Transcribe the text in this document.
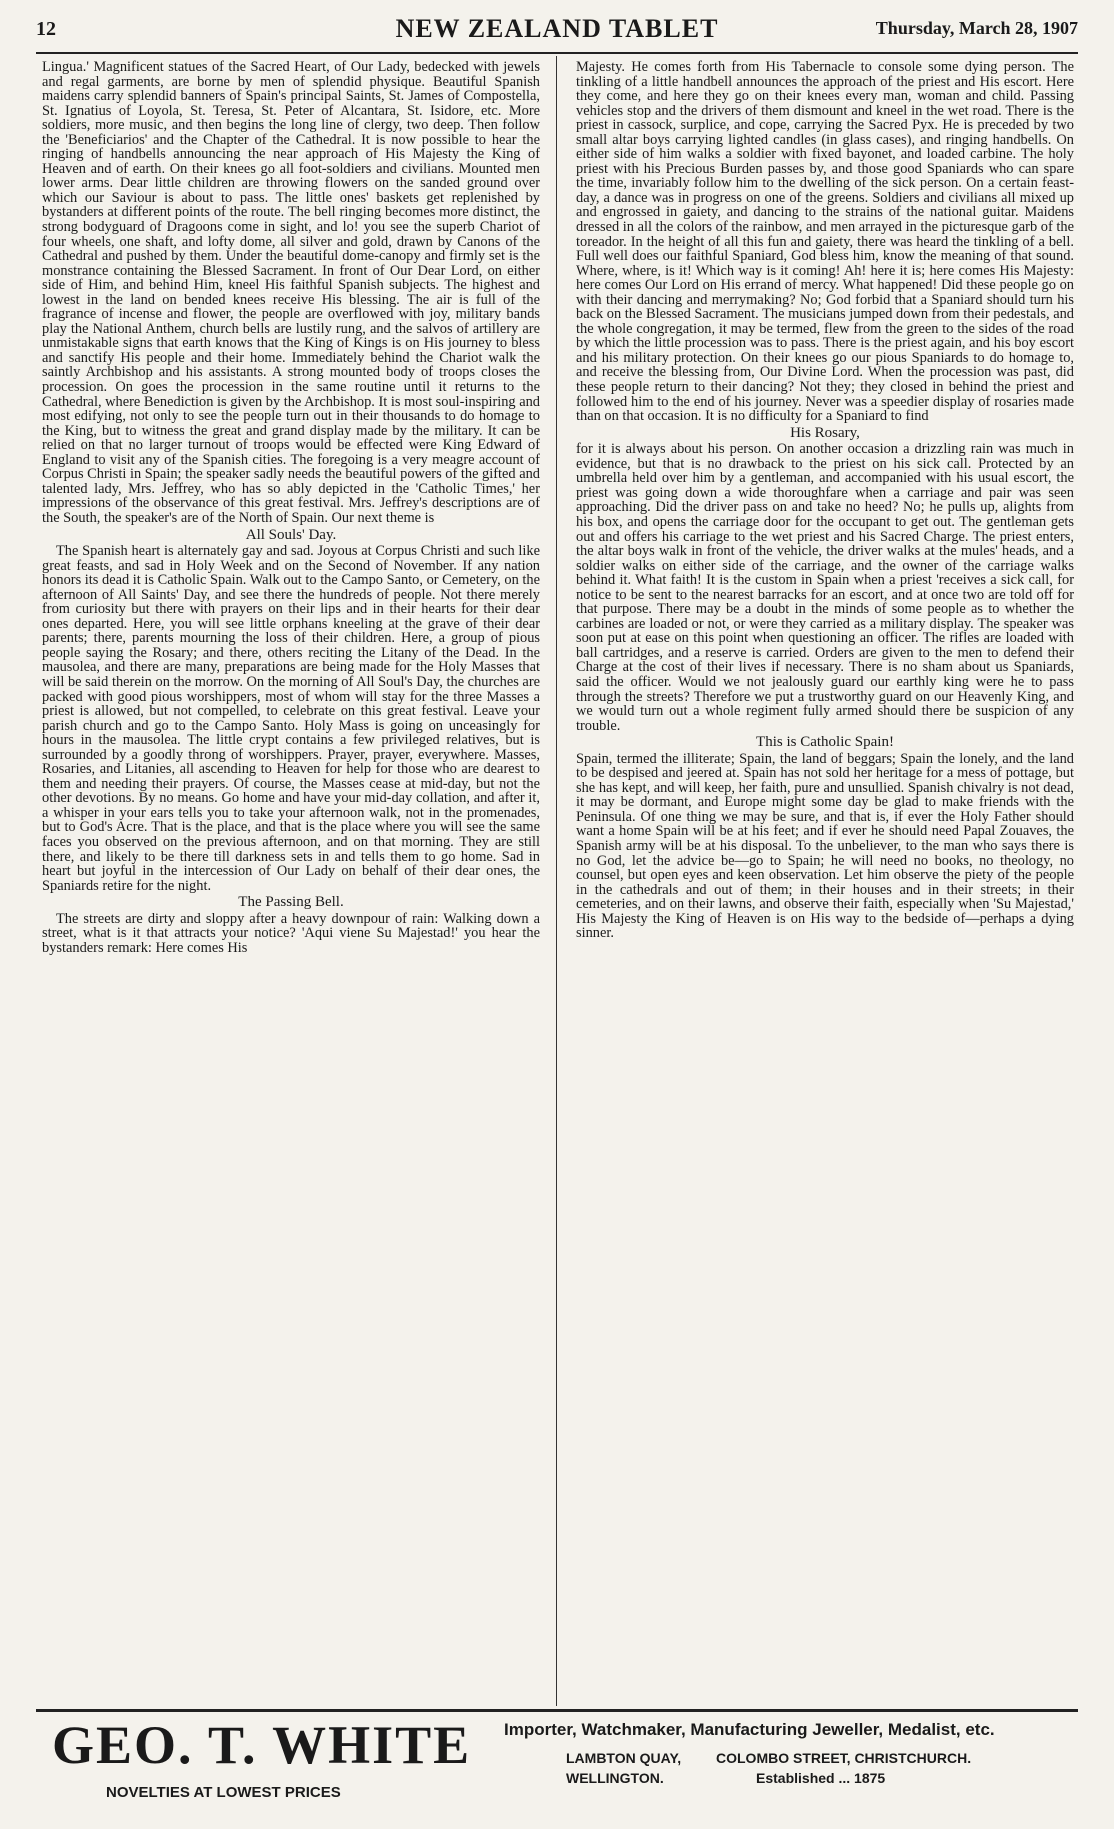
12	NEW ZEALAND TABLET	Thursday, March 28, 1907

Lingua.' Magnificent statues of the Sacred Heart, of Our Lady, bedecked with jewels and regal garments, are borne by men of splendid physique. Beautiful Spanish maidens carry splendid banners of Spain's principal Saints, St. James of Compostella, St. Ignatius of Loyola, St. Teresa, St. Peter of Alcantara, St. Isidore, etc. More soldiers, more music, and then begins the long line of clergy, two deep. Then follow the 'Beneficiarios' and the Chapter of the Cathedral. It is now possible to hear the ringing of handbells announcing the near approach of His Majesty the King of Heaven and of earth. On their knees go all foot-soldiers and civilians. Mounted men lower arms. Dear little children are throwing flowers on the sanded ground over which our Saviour is about to pass. The little ones' baskets get replenished by bystanders at different points of the route. The bell ringing becomes more distinct, the strong bodyguard of Dragoons come in sight, and lo! you see the superb Chariot of four wheels, one shaft, and lofty dome, all silver and gold, drawn by Canons of the Cathedral and pushed by them. Under the beautiful dome-canopy and firmly set is the monstrance containing the Blessed Sacrament. In front of Our Dear Lord, on either side of Him, and behind Him, kneel His faithful Spanish subjects. The highest and lowest in the land on bended knees receive His blessing. The air is full of the fragrance of incense and flower, the people are overflowed with joy, military bands play the National Anthem, church bells are lustily rung, and the salvos of artillery are unmistakable signs that earth knows that the King of Kings is on His journey to bless and sanctify His people and their home. Immediately behind the Chariot walk the saintly Archbishop and his assistants. A strong mounted body of troops closes the procession. On goes the procession in the same routine until it returns to the Cathedral, where Benediction is given by the Archbishop. It is most soul-inspiring and most edifying, not only to see the people turn out in their thousands to do homage to the King, but to witness the great and grand display made by the military. It can be relied on that no larger turnout of troops would be effected were King Edward of England to visit any of the Spanish cities. The foregoing is a very meagre account of Corpus Christi in Spain; the speaker sadly needs the beautiful powers of the gifted and talented lady, Mrs. Jeffrey, who has so ably depicted in the 'Catholic Times,' her impressions of the observance of this great festival. Mrs. Jeffrey's descriptions are of the South, the speaker's are of the North of Spain. Our next theme is

All Souls' Day.

The Spanish heart is alternately gay and sad. Joyous at Corpus Christi and such like great feasts, and sad in Holy Week and on the Second of November. If any nation honors its dead it is Catholic Spain. Walk out to the Campo Santo, or Cemetery, on the afternoon of All Saints' Day, and see there the hundreds of people. Not there merely from curiosity but there with prayers on their lips and in their hearts for their dear ones departed. Here, you will see little orphans kneeling at the grave of their dear parents; there, parents mourning the loss of their children. Here, a group of pious people saying the Rosary; and there, others reciting the Litany of the Dead. In the mausolea, and there are many, preparations are being made for the Holy Masses that will be said therein on the morrow. On the morning of All Soul's Day, the churches are packed with good pious worshippers, most of whom will stay for the three Masses a priest is allowed, but not compelled, to celebrate on this great festival. Leave your parish church and go to the Campo Santo. Holy Mass is going on unceasingly for hours in the mausolea. The little crypt contains a few privileged relatives, but is surrounded by a goodly throng of worshippers. Prayer, prayer, everywhere. Masses, Rosaries, and Litanies, all ascending to Heaven for help for those who are dearest to them and needing their prayers. Of course, the Masses cease at mid-day, but not the other devotions. By no means. Go home and have your mid-day collation, and after it, a whisper in your ears tells you to take your afternoon walk, not in the promenades, but to God's Acre. That is the place, and that is the place where you will see the same faces you observed on the previous afternoon, and on that morning. They are still there, and likely to be there till darkness sets in and tells them to go home. Sad in heart but joyful in the intercession of Our Lady on behalf of their dear ones, the Spaniards retire for the night.

The Passing Bell.

The streets are dirty and sloppy after a heavy downpour of rain: Walking down a street, what is it that attracts your notice? 'Aqui viene Su Majestad!' you hear the bystanders remark: Here comes His

Majesty. He comes forth from His Tabernacle to console some dying person. The tinkling of a little handbell announces the approach of the priest and His escort. Here they come, and here they go on their knees every man, woman and child. Passing vehicles stop and the drivers of them dismount and kneel in the wet road. There is the priest in cassock, surplice, and cope, carrying the Sacred Pyx. He is preceded by two small altar boys carrying lighted candles (in glass cases), and ringing handbells. On either side of him walks a soldier with fixed bayonet, and loaded carbine. The holy priest with his Precious Burden passes by, and those good Spaniards who can spare the time, invariably follow him to the dwelling of the sick person. On a certain feast-day, a dance was in progress on one of the greens. Soldiers and civilians all mixed up and engrossed in gaiety, and dancing to the strains of the national guitar. Maidens dressed in all the colors of the rainbow, and men arrayed in the picturesque garb of the toreador. In the height of all this fun and gaiety, there was heard the tinkling of a bell. Full well does our faithful Spaniard, God bless him, know the meaning of that sound. Where, where, is it! Which way is it coming! Ah! here it is; here comes His Majesty: here comes Our Lord on His errand of mercy. What happened! Did these people go on with their dancing and merrymaking? No; God forbid that a Spaniard should turn his back on the Blessed Sacrament. The musicians jumped down from their pedestals, and the whole congregation, it may be termed, flew from the green to the sides of the road by which the little procession was to pass. There is the priest again, and his boy escort and his military protection. On their knees go our pious Spaniards to do homage to, and receive the blessing from, Our Divine Lord. When the procession was past, did these people return to their dancing? Not they; they closed in behind the priest and followed him to the end of his journey. Never was a speedier display of rosaries made than on that occasion. It is no difficulty for a Spaniard to find

His Rosary,

for it is always about his person. On another occasion a drizzling rain was much in evidence, but that is no drawback to the priest on his sick call. Protected by an umbrella held over him by a gentleman, and accompanied with his usual escort, the priest was going down a wide thoroughfare when a carriage and pair was seen approaching. Did the driver pass on and take no heed? No; he pulls up, alights from his box, and opens the carriage door for the occupant to get out. The gentleman gets out and offers his carriage to the wet priest and his Sacred Charge. The priest enters, the altar boys walk in front of the vehicle, the driver walks at the mules' heads, and a soldier walks on either side of the carriage, and the owner of the carriage walks behind it. What faith! It is the custom in Spain when a priest 'receives a sick call, for notice to be sent to the nearest barracks for an escort, and at once two are told off for that purpose. There may be a doubt in the minds of some people as to whether the carbines are loaded or not, or were they carried as a military display. The speaker was soon put at ease on this point when questioning an officer. The rifles are loaded with ball cartridges, and a reserve is carried. Orders are given to the men to defend their Charge at the cost of their lives if necessary. There is no sham about us Spaniards, said the officer. Would we not jealously guard our earthly king were he to pass through the streets? Therefore we put a trustworthy guard on our Heavenly King, and we would turn out a whole regiment fully armed should there be suspicion of any trouble.

This is Catholic Spain!

Spain, termed the illiterate; Spain, the land of beggars; Spain the lonely, and the land to be despised and jeered at. Spain has not sold her heritage for a mess of pottage, but she has kept, and will keep, her faith, pure and unsullied. Spanish chivalry is not dead, it may be dormant, and Europe might some day be glad to make friends with the Peninsula. Of one thing we may be sure, and that is, if ever the Holy Father should want a home Spain will be at his feet; and if ever he should need Papal Zouaves, the Spanish army will be at his disposal. To the unbeliever, to the man who says there is no God, let the advice be—go to Spain; he will need no books, no theology, no counsel, but open eyes and keen observation. Let him observe the piety of the people in the cathedrals and out of them; in their houses and in their streets; in their cemeteries, and on their lawns, and observe their faith, especially when 'Su Majestad,' His Majesty the King of Heaven is on His way to the bedside of—perhaps a dying sinner.

GEO. T. WHITE
NOVELTIES AT LOWEST PRICES
Importer, Watchmaker, Manufacturing Jeweller, Medalist, etc.
LAMBTON QUAY, COLOMBO STREET, CHRISTCHURCH.
WELLINGTON.	Established ... 1875
